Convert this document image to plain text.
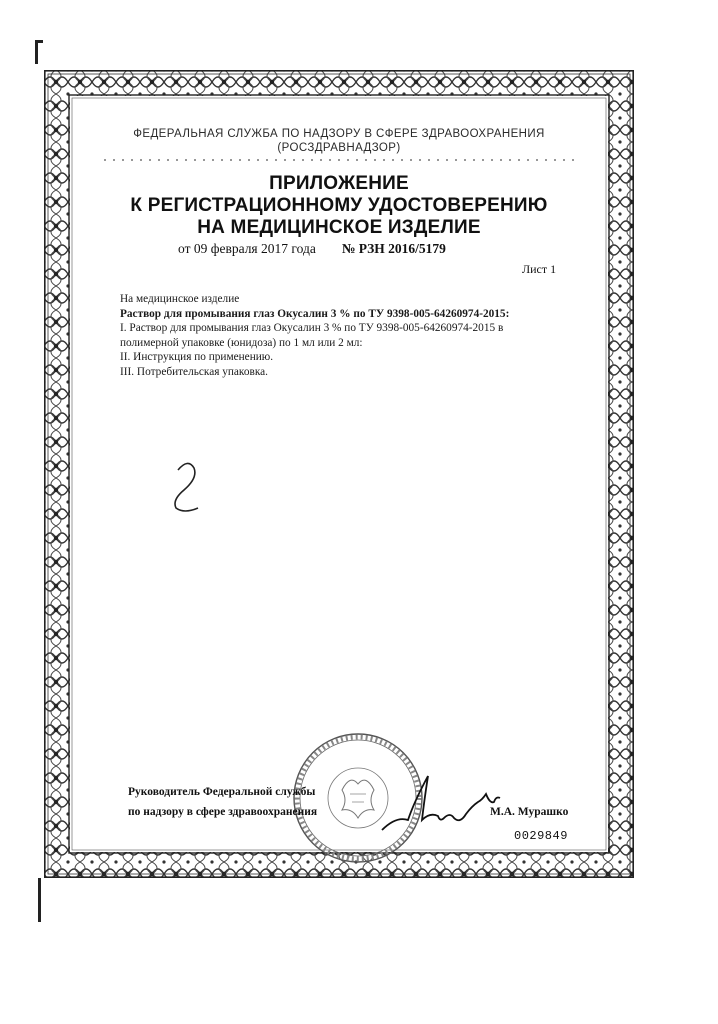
ФЕДЕРАЛЬНАЯ СЛУЖБА ПО НАДЗОРУ В СФЕРЕ ЗДРАВООХРАНЕНИЯ
(РОСЗДРАВНАДЗОР)
ПРИЛОЖЕНИЕ
К РЕГИСТРАЦИОННОМУ УДОСТОВЕРЕНИЮ
НА МЕДИЦИНСКОЕ ИЗДЕЛИЕ
от 09 февраля 2017 года № РЗН 2016/5179
Лист 1
На медицинское изделие
Раствор для промывания глаз Окусалин 3 % по ТУ 9398-005-64260974-2015:
I. Раствор для промывания глаз Окусалин 3 % по ТУ 9398-005-64260974-2015 в
полимерной упаковке (юнидоза) по 1 мл или 2 мл:
II. Инструкция по применению.
III. Потребительская упаковка.
Руководитель Федеральной службы
по надзору в сфере здравоохранения	М.А. Мурашко
0029849
